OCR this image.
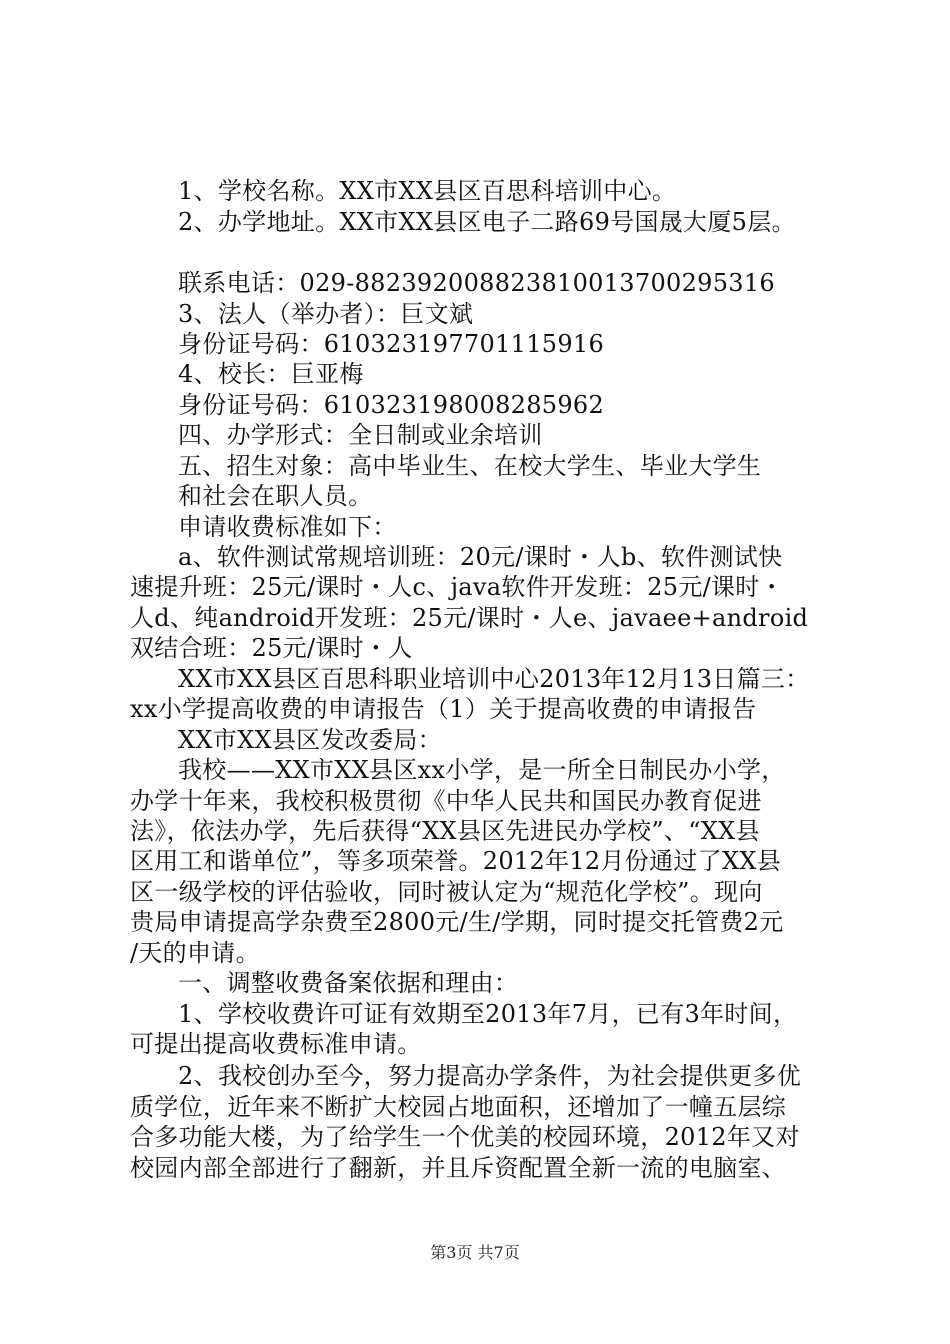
1、学校名称。XX市XX县区百思科培训中心。
2、办学地址。XX市XX县区电子二路69号国晟大厦5层。
联系电话：029-882392008823810013700295316
3、法人（举办者）：巨文斌
身份证号码：610323197701115916
4、校长：巨亚梅
身份证号码：610323198008285962
四、办学形式：全日制或业余培训
五、招生对象：高中毕业生、在校大学生、毕业大学生
和社会在职人员。
申请收费标准如下：
a、软件测试常规培训班：20元/课时・人b、软件测试快
速提升班：25元/课时・人c、java软件开发班：25元/课时・
人d、纯android开发班：25元/课时・人e、javaee+android
双结合班：25元/课时・人
XX市XX县区百思科职业培训中心2013年12月13日篇三：
xx小学提高收费的申请报告（1）关于提高收费的申请报告
XX市XX县区发改委局：
我校——XX市XX县区xx小学，是一所全日制民办小学，
办学十年来，我校积极贯彻《中华人民共和国民办教育促进
法》，依法办学，先后获得“XX县区先进民办学校”、“XX县
区用工和谐单位”，等多项荣誉。2012年12月份通过了XX县
区一级学校的评估验收，同时被认定为“规范化学校”。现向
贵局申请提高学杂费至2800元/生/学期，同时提交托管费2元
/天的申请。
一、调整收费备案依据和理由：
1、学校收费许可证有效期至2013年7月，已有3年时间，
可提出提高收费标准申请。
2、我校创办至今，努力提高办学条件，为社会提供更多优
质学位，近年来不断扩大校园占地面积，还增加了一幢五层综
合多功能大楼，为了给学生一个优美的校园环境，2012年又对
校园内部全部进行了翻新，并且斥资配置全新一流的电脑室、
第3页 共7页
